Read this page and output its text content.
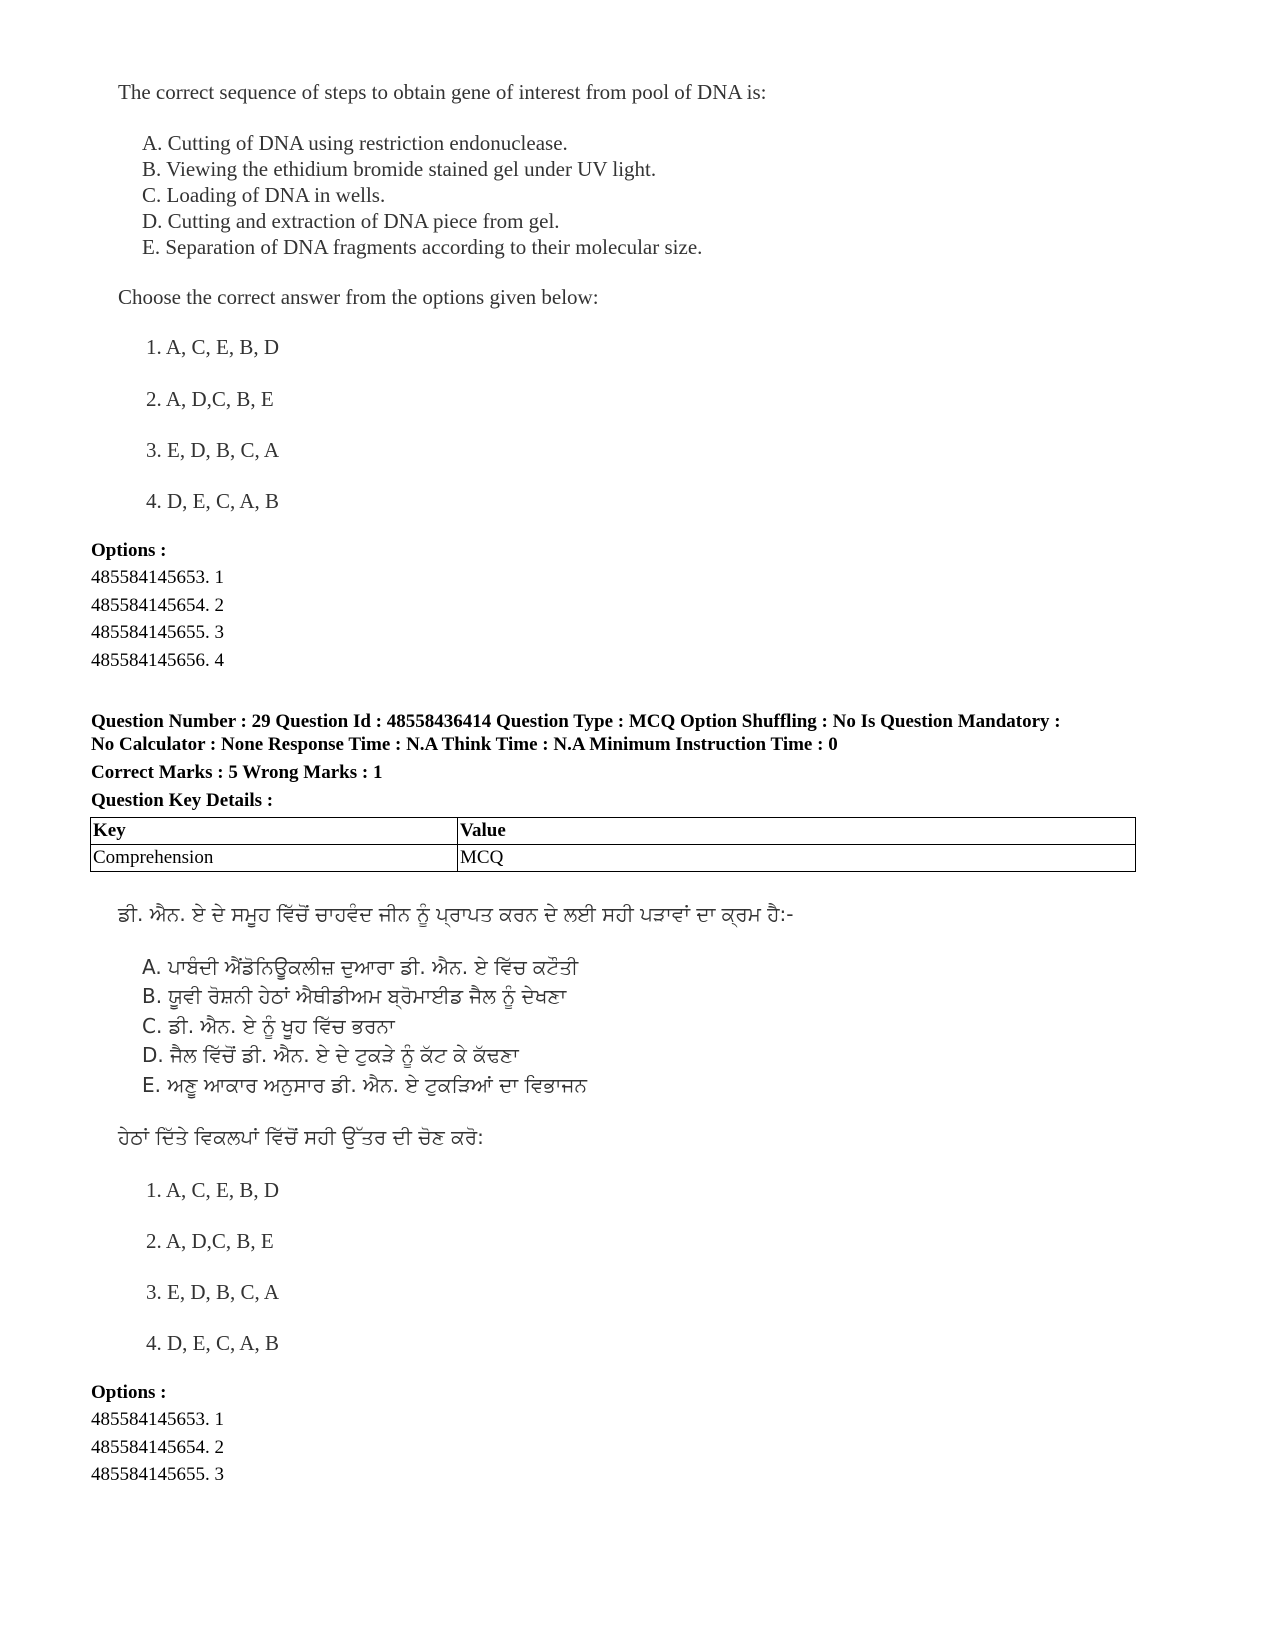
The correct sequence of steps to obtain gene of interest from pool of DNA is:
A. Cutting of DNA using restriction endonuclease.
B. Viewing the ethidium bromide stained gel under UV light.
C. Loading of DNA in wells.
D. Cutting and extraction of DNA piece from gel.
E. Separation of DNA fragments according to their molecular size.
Choose the correct answer from the options given below:
1. A, C, E, B, D
2. A, D,C, B, E
3. E, D, B, C, A
4. D, E, C, A, B
Options :
485584145653. 1
485584145654. 2
485584145655. 3
485584145656. 4
Question Number : 29 Question Id : 48558436414 Question Type : MCQ Option Shuffling : No Is Question Mandatory :
No Calculator : None Response Time : N.A Think Time : N.A Minimum Instruction Time : 0
Correct Marks : 5 Wrong Marks : 1
Question Key Details :
Key	Value
Comprehension	MCQ
ਡੀ. ਐਨ. ਏ ਦੇ ਸਮੂਹ ਵਿੱਚੋਂ ਚਾਹਵੰਦ ਜੀਨ ਨੂੰ ਪ੍ਰਾਪਤ ਕਰਨ ਦੇ ਲਈ ਸਹੀ ਪੜਾਵਾਂ ਦਾ ਕ੍ਰਮ ਹੈ:-
A. ਪਾਬੰਦੀ ਐਂਡੋਨਿਊਕਲੀਜ਼ ਦੁਆਰਾ ਡੀ. ਐਨ. ਏ ਵਿੱਚ ਕਟੌਤੀ
B. ਯੂਵੀ ਰੋਸ਼ਨੀ ਹੇਠਾਂ ਐਥੀਡੀਅਮ ਬ੍ਰੋਮਾਈਡ ਜੈਲ ਨੂੰ ਦੇਖਣਾ
C. ਡੀ. ਐਨ. ਏ ਨੂੰ ਖੂਹ ਵਿੱਚ ਭਰਨਾ
D. ਜੈਲ ਵਿੱਚੋਂ ਡੀ. ਐਨ. ਏ ਦੇ ਟੁਕੜੇ ਨੂੰ ਕੱਟ ਕੇ ਕੱਢਣਾ
E. ਅਣੂ ਆਕਾਰ ਅਨੁਸਾਰ ਡੀ. ਐਨ. ਏ ਟੁਕੜਿਆਂ ਦਾ ਵਿਭਾਜਨ
ਹੇਠਾਂ ਦਿੱਤੇ ਵਿਕਲਪਾਂ ਵਿੱਚੋਂ ਸਹੀ ਉੱਤਰ ਦੀ ਚੋਣ ਕਰੋ:
1. A, C, E, B, D
2. A, D,C, B, E
3. E, D, B, C, A
4. D, E, C, A, B
Options :
485584145653. 1
485584145654. 2
485584145655. 3
